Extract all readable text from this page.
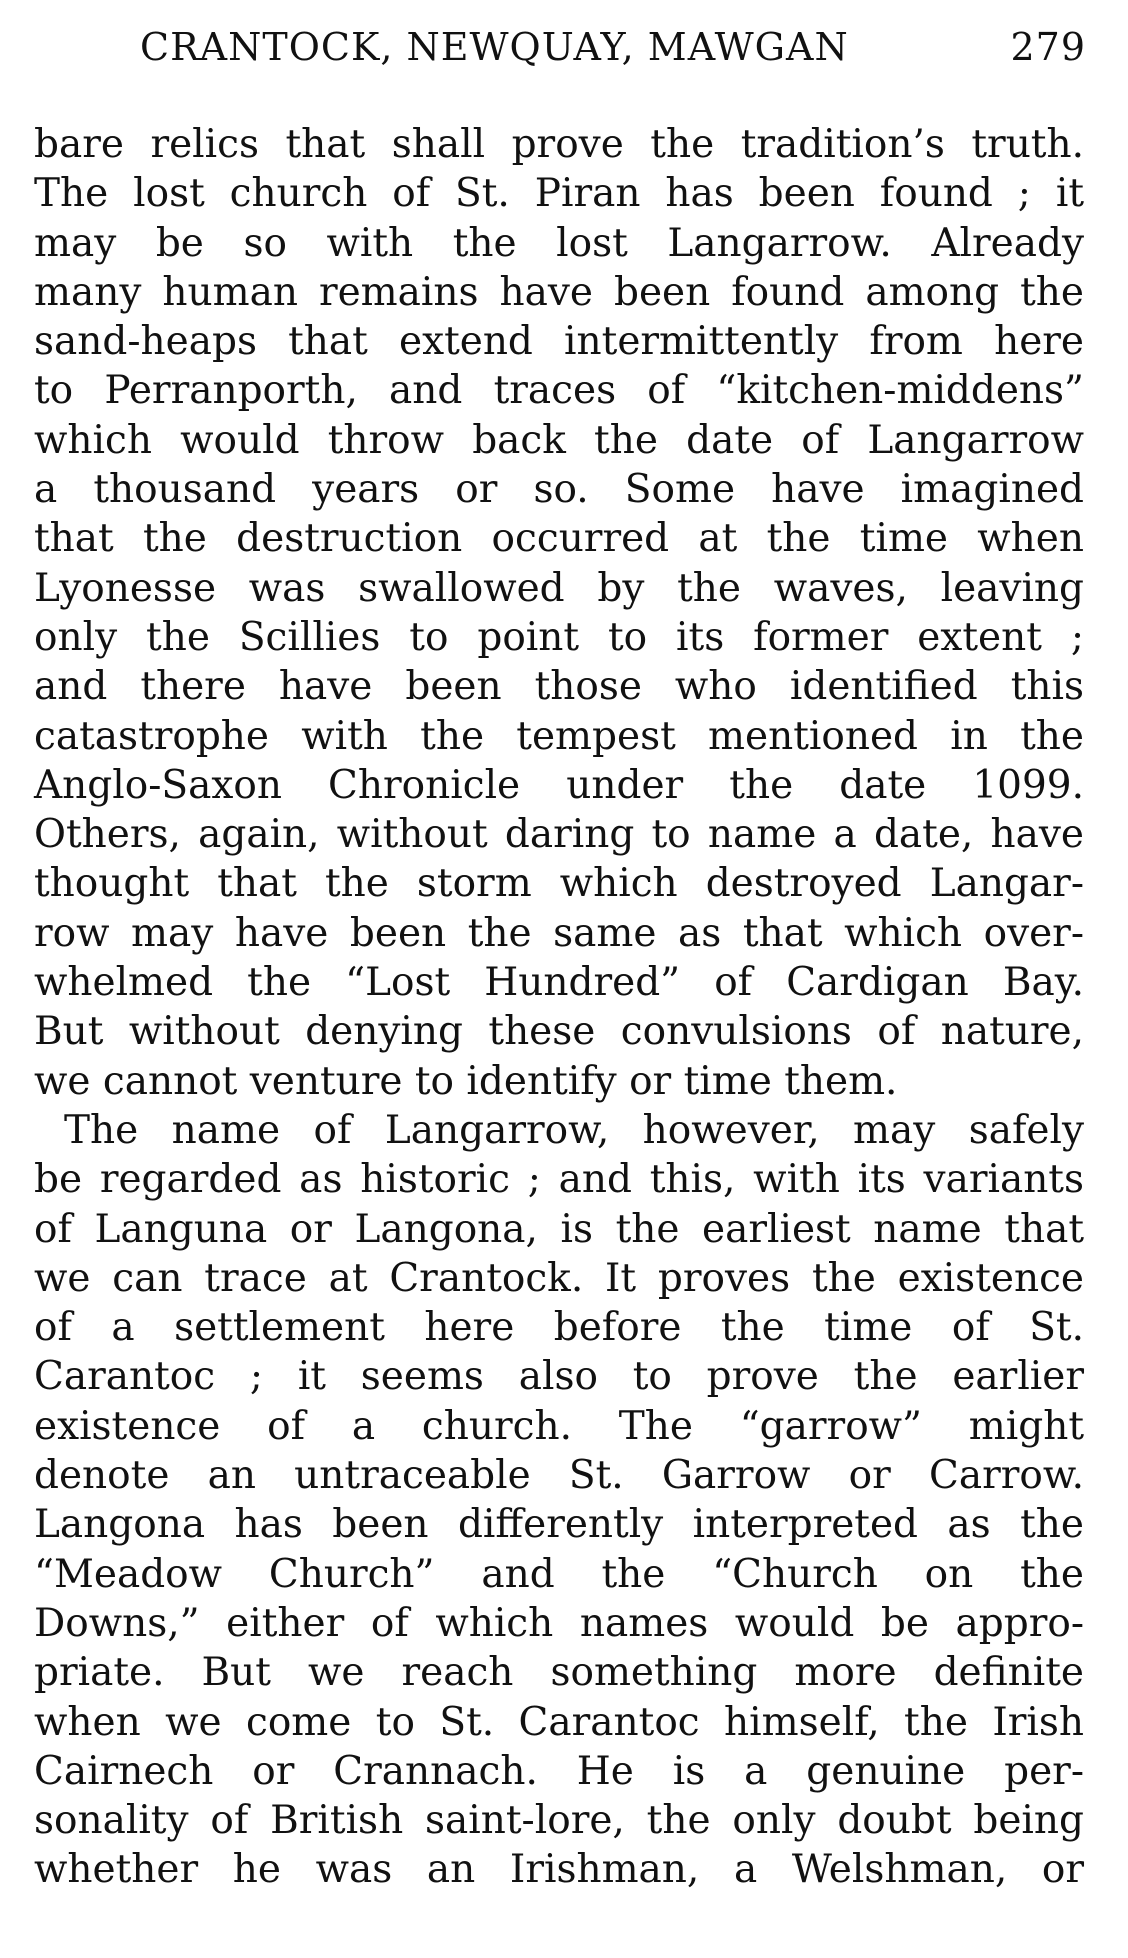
CRANTOCK, NEWQUAY, MAWGAN	279
bare relics that shall prove the tradition’s truth.
The lost church of St. Piran has been found ; it
may be so with the lost Langarrow. Already
many human remains have been found among the
sand-heaps that extend intermittently from here
to Perranporth, and traces of “kitchen-middens”
which would throw back the date of Langarrow
a thousand years or so. Some have imagined
that the destruction occurred at the time when
Lyonesse was swallowed by the waves, leaving
only the Scillies to point to its former extent ;
and there have been those who identified this
catastrophe with the tempest mentioned in the
Anglo-Saxon Chronicle under the date 1099.
Others, again, without daring to name a date, have
thought that the storm which destroyed Langar-
row may have been the same as that which over-
whelmed the “Lost Hundred” of Cardigan Bay.
But without denying these convulsions of nature,
we cannot venture to identify or time them.
The name of Langarrow, however, may safely
be regarded as historic ; and this, with its variants
of Languna or Langona, is the earliest name that
we can trace at Crantock. It proves the existence
of a settlement here before the time of St.
Carantoc ; it seems also to prove the earlier
existence of a church. The “garrow” might
denote an untraceable St. Garrow or Carrow.
Langona has been differently interpreted as the
“Meadow Church” and the “Church on the
Downs,” either of which names would be appro-
priate. But we reach something more definite
when we come to St. Carantoc himself, the Irish
Cairnech or Crannach. He is a genuine per-
sonality of British saint-lore, the only doubt being
whether he was an Irishman, a Welshman, or
